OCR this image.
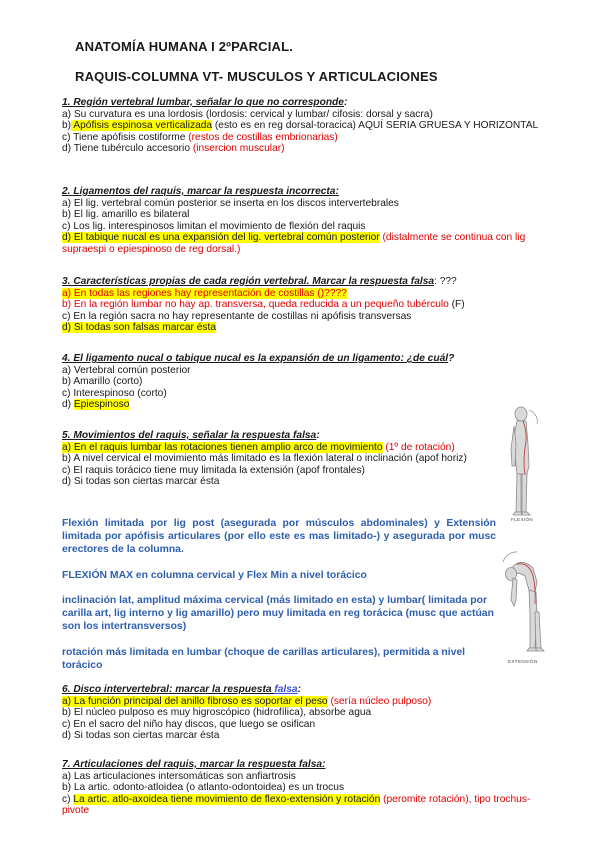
ANATOMÍA HUMANA I 2ºPARCIAL.
RAQUIS-COLUMNA VT- MUSCULOS Y ARTICULACIONES

1. Región vertebral lumbar, señalar lo que no corresponde:

a) Su curvatura es una lordosis (lordosis: cervical y lumbar/ cifosis: dorsal y sacra)

b) Apófisis espinosa verticalizada (esto es en reg dorsal-toracica) AQUÍ SERIA GRUESA Y HORIZONTAL

c) Tiene apófisis costiforme (restos de costillas embrionarias)

d) Tiene tubérculo accesorio (insercion muscular)

2. Ligamentos del raquis, marcar la respuesta incorrecta:

a) El lig. vertebral común posterior se inserta en los discos intervertebrales

b) El lig. amarillo es bilateral

c) Los lig. interespinosos limitan el movimiento de flexión del raquis

d) El tabique nucal es una expansión del lig. vertebral común posterior (distalmente se continua con lig supraespi o epiespinoso de reg dorsal.)

3. Características propias de cada región vertebral. Marcar la respuesta falsa: ???

a) En todas las regiones hay representación de costillas ()????

b) En la región lumbar no hay ap. transversa, queda reducida a un pequeño tubérculo (F)

c) En la región sacra no hay representante de costillas ni apófisis transversas

d) Si todas son falsas marcar ésta

4. El ligamento nucal o tabique nucal es la expansión de un ligamento: ¿de cuál?

a) Vertebral común posterior

b) Amarillo (corto)

c) Interespinoso (corto)

d) Epiespinoso

5. Movimientos del raquis, señalar la respuesta falsa:

a) En el raquis lumbar las rotaciones tienen amplio arco de movimiento (1º de rotación)

b) A nivel cervical el movimiento más limitado es la flexión lateral o inclinación (apof horiz)

c) El raquis torácico tiene muy limitada la extensión (apof frontales)

d) Si todas son ciertas marcar ésta

Flexión limitada por lig post (asegurada por músculos abdominales) y Extensión limitada por apófisis articulares (por ello este es mas limitado-) y asegurada por musc erectores de la columna.
FLEXIÓN MAX en columna cervical y Flex Min a nivel torácico
inclinación lat, amplitud máxima cervical (más limitado en esta) y lumbar( limitada por carilla art, lig interno y lig amarillo) pero muy limitada en reg torácica (musc que actúan son los intertransversos)
rotación más limitada en lumbar (choque de carillas articulares), permitida a nivel torácico

6. Disco intervertebral: marcar la respuesta falsa:

a) La función principal del anillo fibroso es soportar el peso (sería núcleo pulposo)

b) El núcleo pulposo es muy higroscópico (hidrofílica), absorbe agua

c) En el sacro del niño hay discos, que luego se osifican

d) Si todas son ciertas marcar ésta

7. Articulaciones del raquis, marcar la respuesta falsa:

a) Las articulaciones intersomáticas son anfiartrosis

b) La artic. odonto-atloidea (o atlanto-odontoidea) es un trocus

c) La artic. atlo-axoidea tiene movimiento de flexo-extensión y rotación (peromite rotación), tipo trochus-pivote

FLEXIÓN
EXTENSIÓN
